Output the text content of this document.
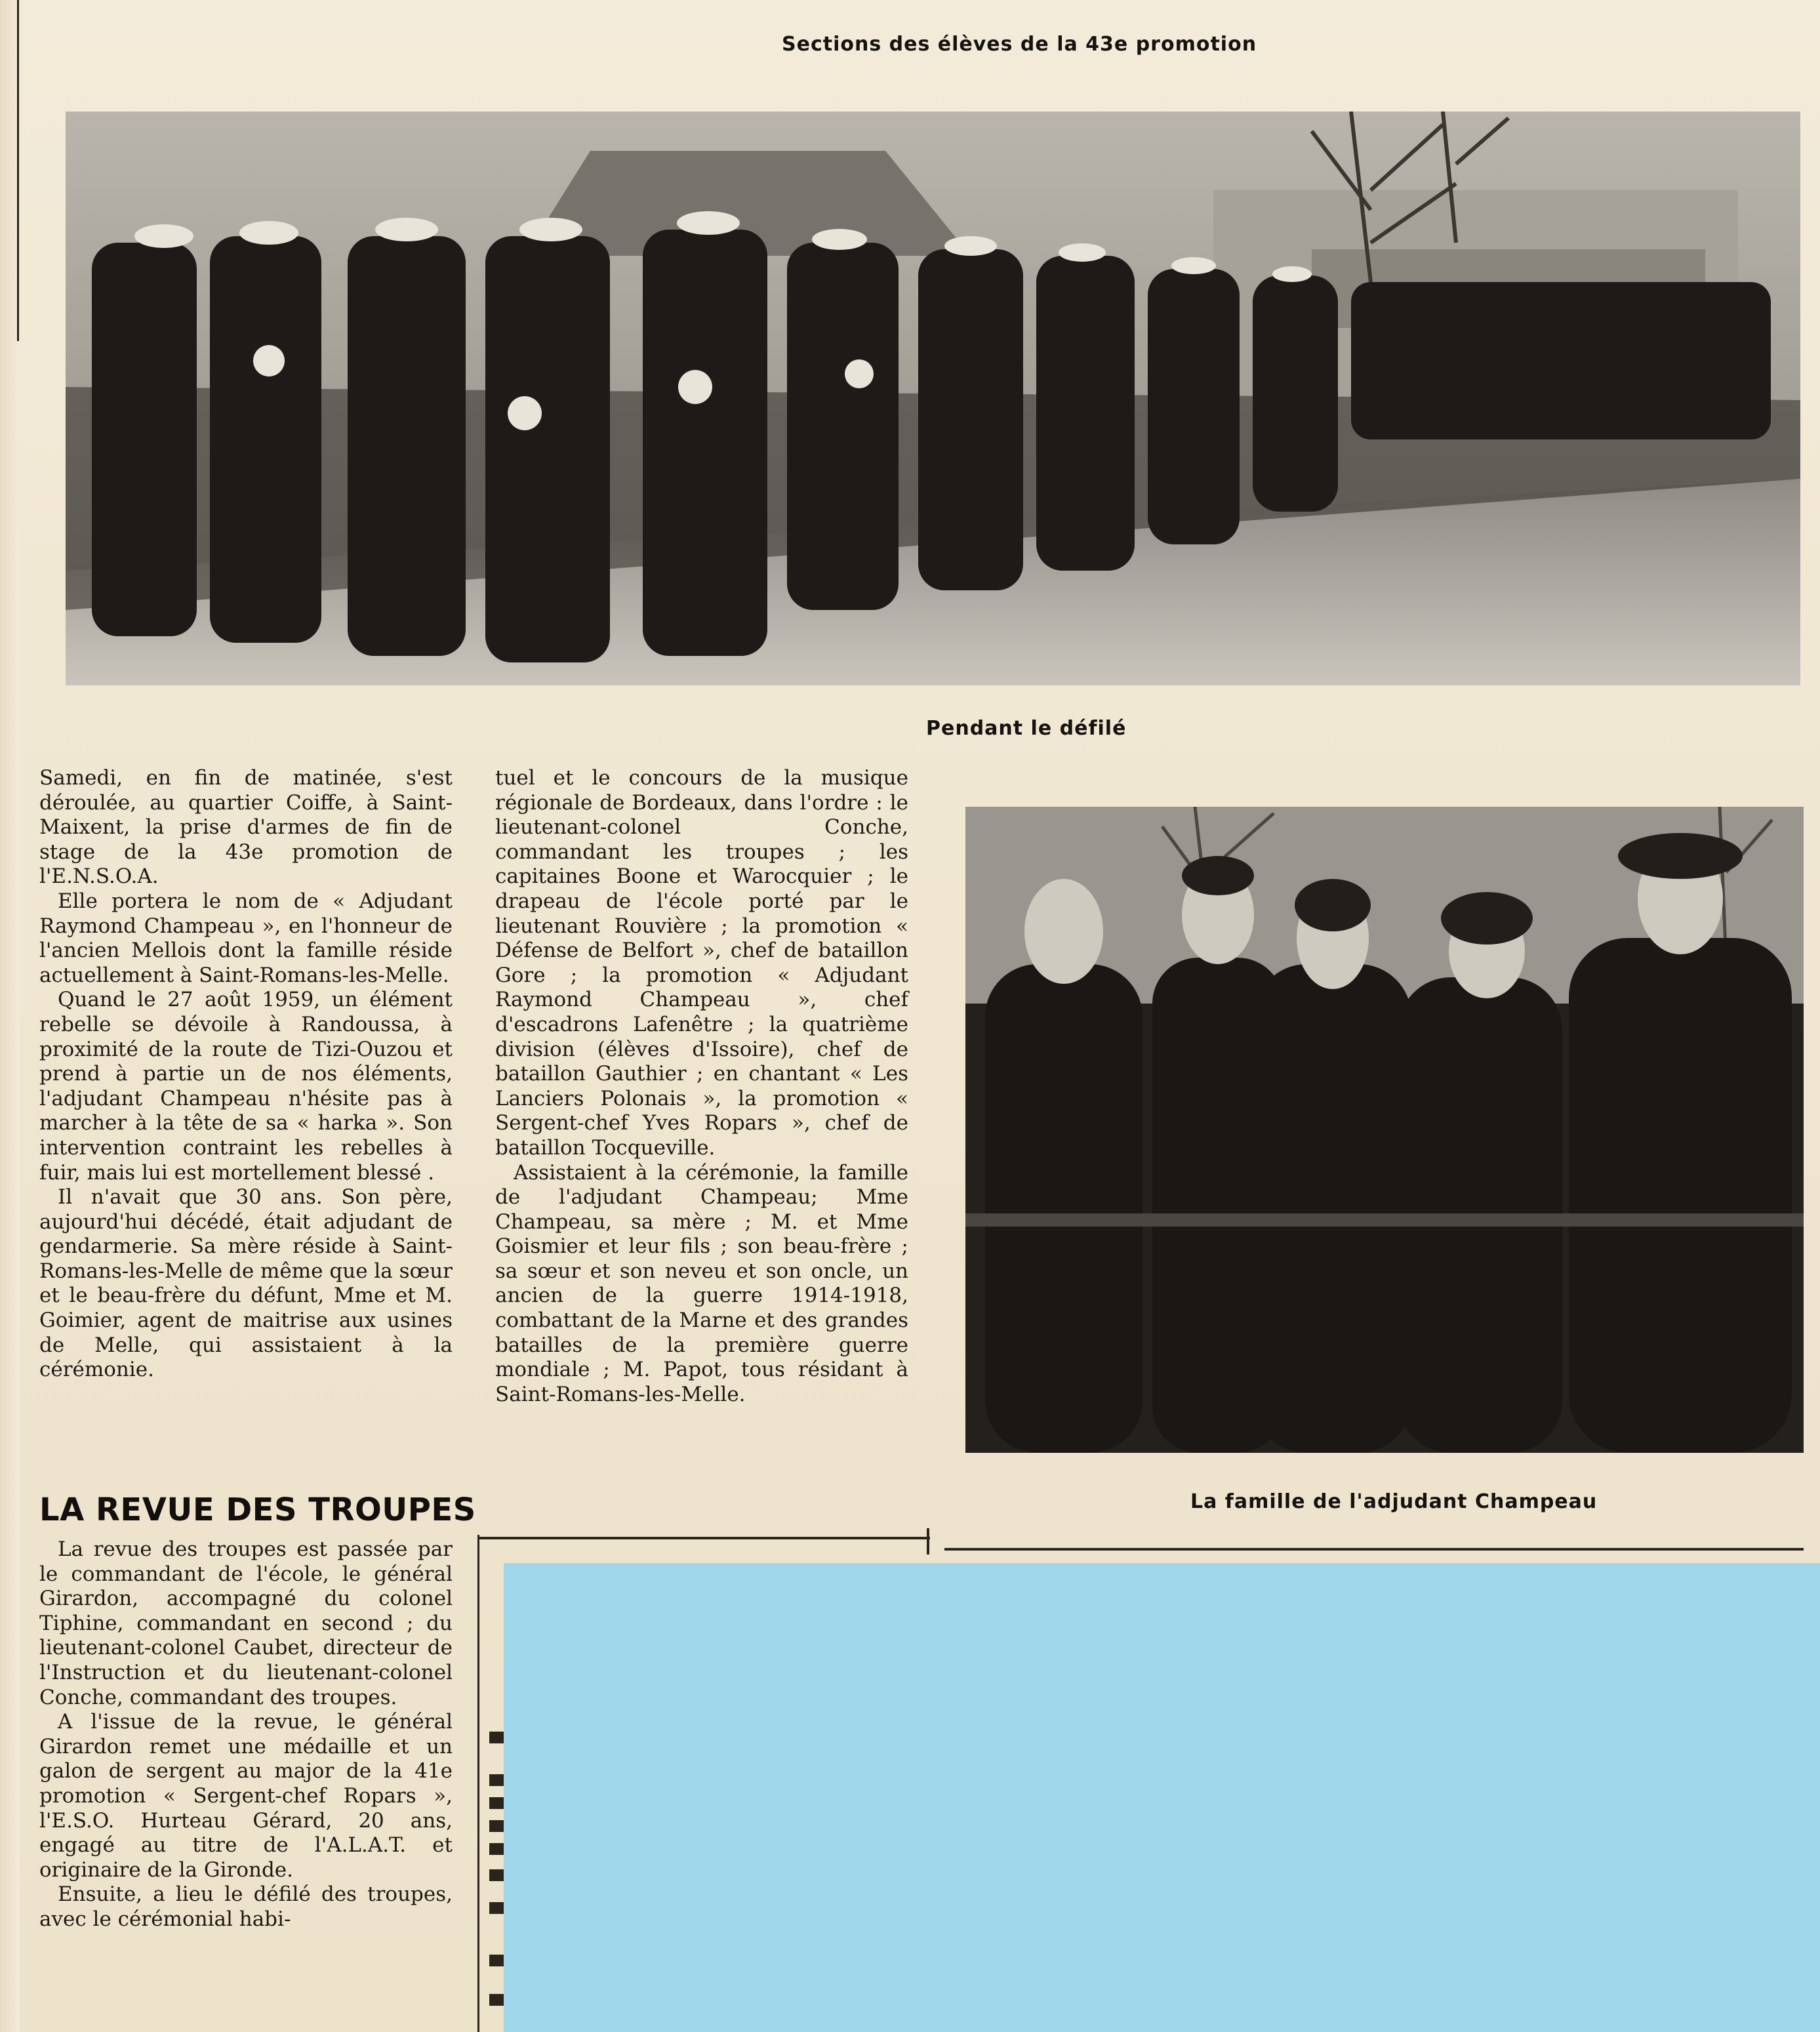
Sections des élèves de la 43e promotion
Pendant le défilé
La famille de l'adjudant Champeau

Samedi, en fin de matinée, s'est déroulée, au quartier Coiffe, à Saint-Maixent, la prise d'armes de fin de stage de la 43e promotion de l'E.N.S.O.A.

Elle portera le nom de « Adjudant Raymond Champeau », en l'honneur de l'ancien Mellois dont la famille réside actuellement à Saint-Romans-les-Melle.

Quand le 27 août 1959, un élément rebelle se dévoile à Randoussa, à proximité de la route de Tizi-Ouzou et prend à partie un de nos éléments, l'adjudant Champeau n'hésite pas à marcher à la tête de sa « harka ». Son intervention contraint les rebelles à fuir, mais lui est mortellement blessé .

Il n'avait que 30 ans. Son père, aujourd'hui décédé, était adjudant de gendarmerie. Sa mère réside à Saint-Romans-les-Melle de même que la sœur et le beau-frère du défunt, Mme et M. Goimier, agent de maitrise aux usines de Melle, qui assistaient à la cérémonie.

tuel et le concours de la musique régionale de Bordeaux, dans l'ordre : le lieutenant-colonel Conche, commandant les troupes ; les capitaines Boone et Warocquier ; le drapeau de l'école porté par le lieutenant Rouvière ; la promotion « Défense de Belfort », chef de bataillon Gore ; la promotion « Adjudant Raymond Champeau », chef d'escadrons Lafenêtre ; la quatrième division (élèves d'Issoire), chef de bataillon Gauthier ; en chantant « Les Lanciers Polonais », la promotion « Sergent-chef Yves Ropars », chef de bataillon Tocqueville.

Assistaient à la cérémonie, la famille de l'adjudant Champeau; Mme Champeau, sa mère ; M. et Mme Goismier et leur fils ; son beau-frère ; sa sœur et son neveu et son oncle, un ancien de la guerre 1914-1918, combattant de la Marne et des grandes batailles de la première guerre mondiale ; M. Papot, tous résidant à Saint-Romans-les-Melle.

LA REVUE DES TROUPES

La revue des troupes est passée par le commandant de l'école, le général Girardon, accompagné du colonel Tiphine, commandant en second ; du lieutenant-colonel Caubet, directeur de l'Instruction et du lieutenant-colonel Conche, commandant des troupes.

A l'issue de la revue, le général Girardon remet une médaille et un galon de sergent au major de la 41e promotion « Sergent-chef Ropars », l'E.S.O. Hurteau Gérard, 20 ans, engagé au titre de l'A.L.A.T. et originaire de la Gironde.

Ensuite, a lieu le défilé des troupes, avec le cérémonial habi-
